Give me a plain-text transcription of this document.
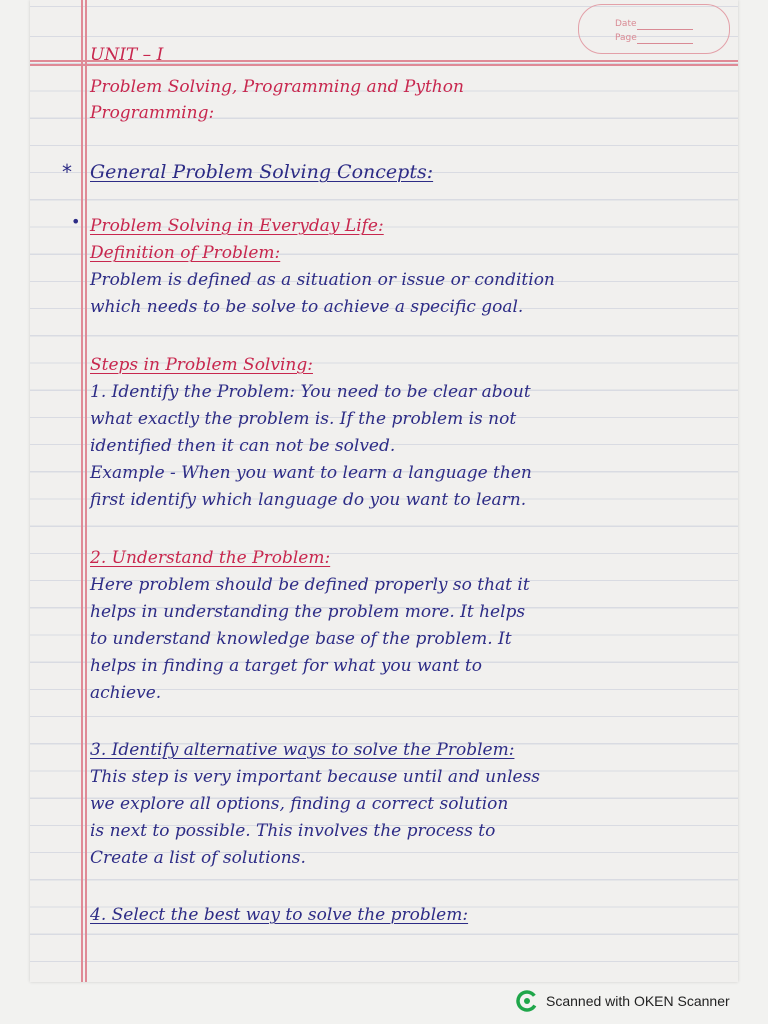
Date
Page

UNIT – I

Problem Solving, Programming and Python

Programming:

* General Problem Solving Concepts:

• Problem Solving in Everyday Life:

Definition of Problem:

Problem is defined as a situation or issue or condition

which needs to be solve to achieve a specific goal.

Steps in Problem Solving:

1. Identify the Problem: You need to be clear about

what exactly the problem is. If the problem is not

identified then it can not be solved.

Example - When you want to learn a language then

first identify which language do you want to learn.

2. Understand the Problem:

Here problem should be defined properly so that it

helps in understanding the problem more. It helps

to understand knowledge base of the problem. It

helps in finding a target for what you want to

achieve.

3. Identify alternative ways to solve the Problem:

This step is very important because until and unless

we explore all options, finding a correct solution

is next to possible. This involves the process to

Create a list of solutions.

4. Select the best way to solve the problem:

Scanned with OKEN Scanner
